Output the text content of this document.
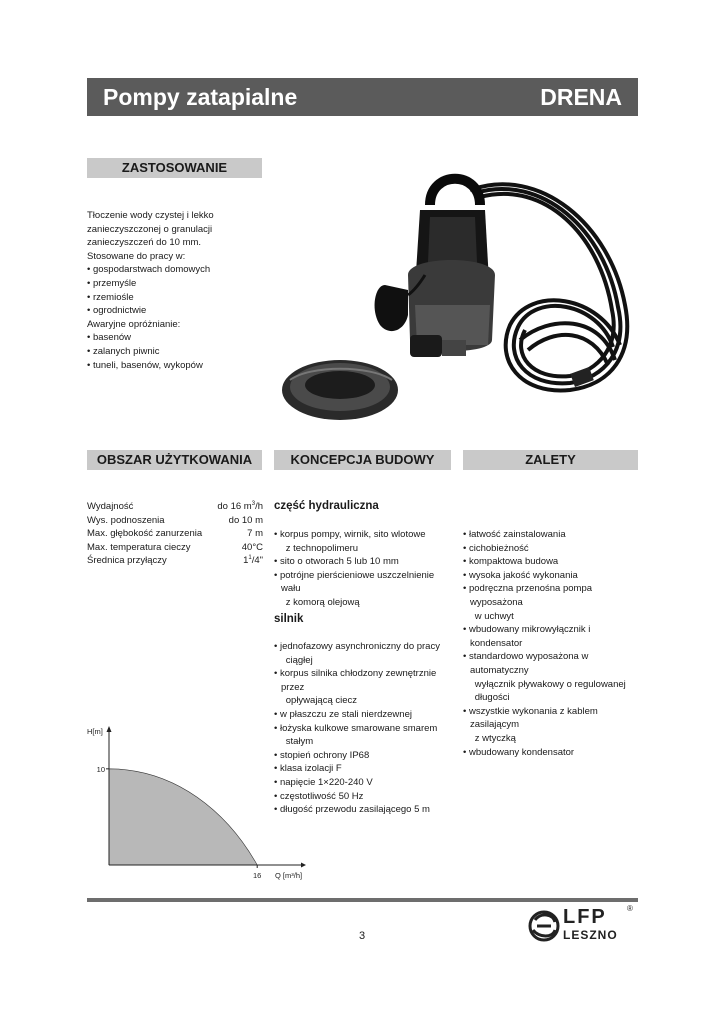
Pompy zatapialne	DRENA
ZASTOSOWANIE

Tłoczenie wody czystej i lekko

zanieczyszczonej o granulacji

zanieczyszczeń do 10 mm.

Stosowane do pracy w:

• gospodarstwach domowych

• przemyśle

• rzemiośle

• ogrodnictwie

Awaryjne opróżnianie:

• basenów

• zalanych piwnic

• tuneli, basenów, wykopów

OBSZAR UŻYTKOWANIA	KONCEPCJA BUDOWY	ZALETY
Wydajność	do 16 $m^3/h$
Wys. podnoszenia	do 10 m
Max. głębokość zanurzenia	7 m
Max. temperatura cieczy	40°C
Średnica przyłączy	$1^1/4$"
część hydrauliczna

• korpus pompy, wirnik, sito wlotowe
 z technopolimeru

• sito o otworach 5 lub 10 mm

• potrójne pierścieniowe uszczelnienie wału
 z komorą olejową

silnik

• jednofazowy asynchroniczny do pracy
 ciągłej

• korpus silnika chłodzony zewnętrznie przez
 opływającą ciecz

• w płaszczu ze stali nierdzewnej

• łożyska kulkowe smarowane smarem
 stałym

• stopień ochrony IP68

• klasa izolacji F

• napięcie 1×220-240 V

• częstotliwość 50 Hz

• długość przewodu zasilającego 5 m

• łatwość zainstalowania

• cichobieżność

• kompaktowa budowa

• wysoka jakość wykonania

• podręczna przenośna pompa wyposażona
 w uchwyt

• wbudowany mikrowyłącznik i kondensator

• standardowo wyposażona w automatyczny
 wyłącznik pływakowy o regulowanej
 długości

• wszystkie wykonania z kablem zasilającym
 z wtyczką

• wbudowany kondensator

H[m]
10
16 Q [m³/h]
3
LFP	®
LESZNO
